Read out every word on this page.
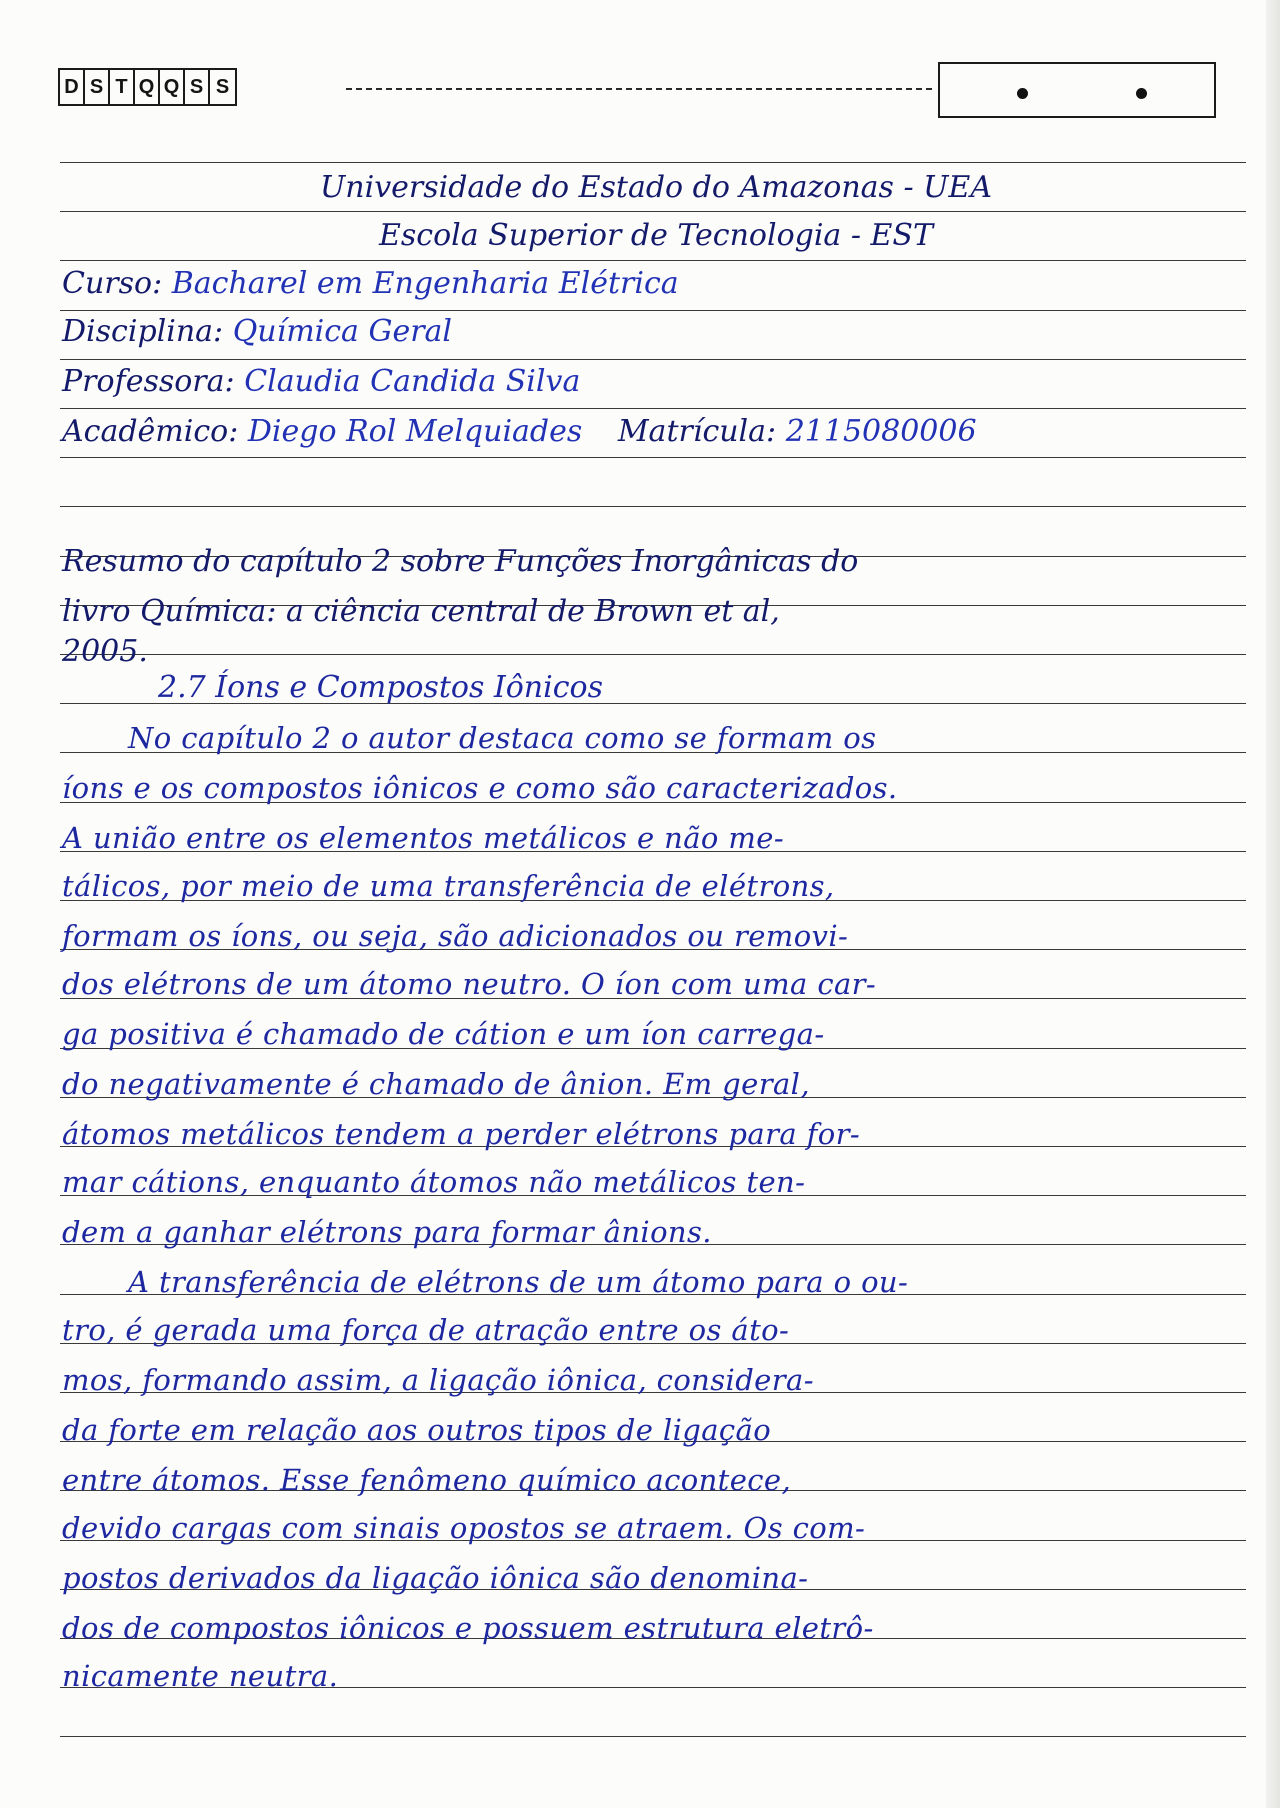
D S T Q Q S S
Universidade do Estado do Amazonas - UEA
Escola Superior de Tecnologia - EST
Curso: Bacharel em Engenharia Elétrica
Disciplina: Química Geral
Professora: Claudia Candida Silva
Acadêmico: Diego Rol Melquiades Matrícula: 2115080006
Resumo do capítulo 2 sobre Funções Inorgânicas do
livro Química: a ciência central de Brown et al,
2005.
2.7 Íons e Compostos Iônicos
No capítulo 2 o autor destaca como se formam os
íons e os compostos iônicos e como são caracterizados.
A união entre os elementos metálicos e não me-
tálicos, por meio de uma transferência de elétrons,
formam os íons, ou seja, são adicionados ou removi-
dos elétrons de um átomo neutro. O íon com uma car-
ga positiva é chamado de cátion e um íon carrega-
do negativamente é chamado de ânion. Em geral,
átomos metálicos tendem a perder elétrons para for-
mar cátions, enquanto átomos não metálicos ten-
dem a ganhar elétrons para formar ânions.
A transferência de elétrons de um átomo para o ou-
tro, é gerada uma força de atração entre os áto-
mos, formando assim, a ligação iônica, considera-
da forte em relação aos outros tipos de ligação
entre átomos. Esse fenômeno químico acontece,
devido cargas com sinais opostos se atraem. Os com-
postos derivados da ligação iônica são denomina-
dos de compostos iônicos e possuem estrutura eletrô-
nicamente neutra.
